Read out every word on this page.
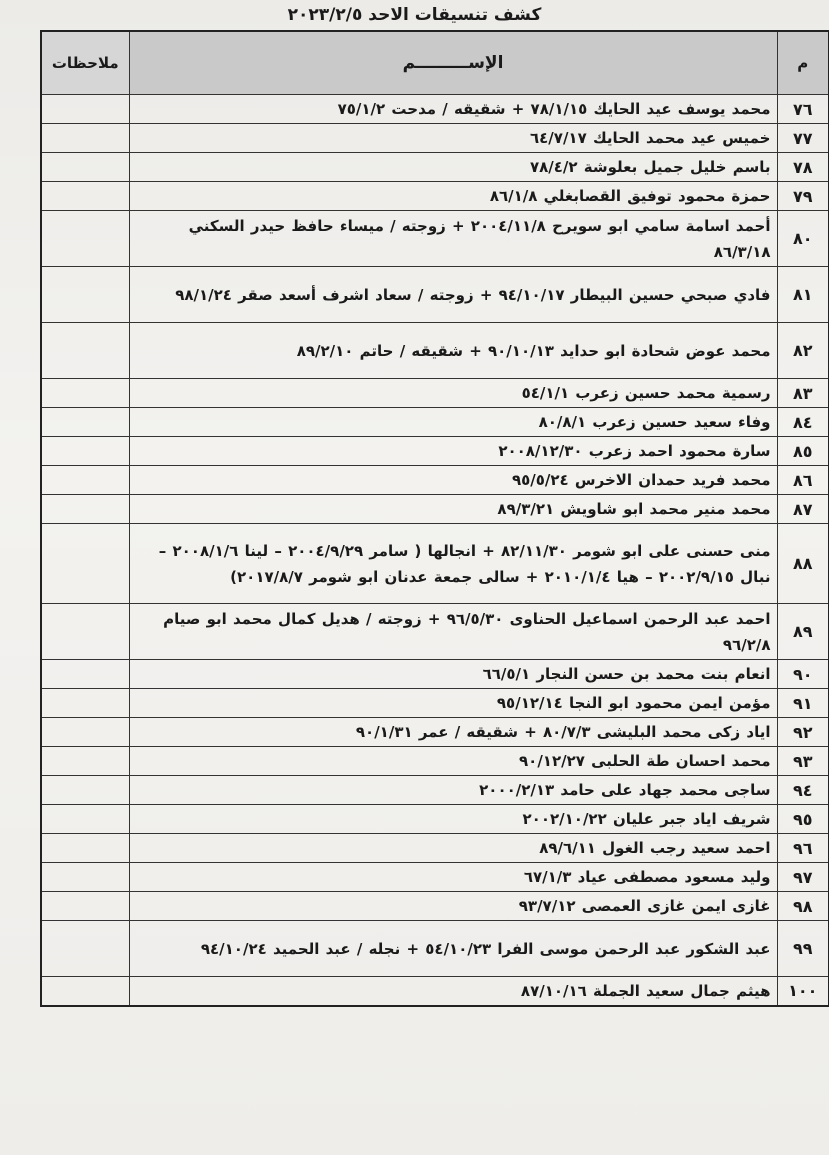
كشف تنسيقات الاحد ٢٠٢٣/٢/٥
م	الإســـــــــم	ملاحظات
٧٦	محمد يوسف عيد الحايك ٧٨/١/١٥ + شقيقه / مدحت ٧٥/١/٢	
٧٧	خميس عيد محمد الحايك ٦٤/٧/١٧	
٧٨	باسم خليل جميل بعلوشة ٧٨/٤/٢	
٧٩	حمزة محمود توفيق القصابغلي ٨٦/١/٨	
٨٠	أحمد اسامة سامي ابو سويرح ٢٠٠٤/١١/٨ + زوجته / ميساء حافظ حيدر السكني ٨٦/٣/١٨	
٨١	فادي صبحي حسين البيطار ٩٤/١٠/١٧ + زوجته / سعاد اشرف أسعد صقر ٩٨/١/٢٤	
٨٢	محمد عوض شحادة ابو حدايد ٩٠/١٠/١٣ + شقيقه / حاتم ٨٩/٢/١٠	
٨٣	رسمية محمد حسين زعرب ٥٤/١/١	
٨٤	وفاء سعيد حسين زعرب ٨٠/٨/١	
٨٥	سارة محمود احمد زعرب ٢٠٠٨/١٢/٣٠	
٨٦	محمد فريد حمدان الاخرس ٩٥/٥/٢٤	
٨٧	محمد منير محمد ابو شاويش ٨٩/٣/٢١	
٨٨	منى حسنى على ابو شومر ٨٢/١١/٣٠ + انجالها ( سامر ٢٠٠٤/٩/٢٩ – لينا ٢٠٠٨/١/٦ – نبال ٢٠٠٢/٩/١٥ – هيا ٢٠١٠/١/٤ + سالى جمعة عدنان ابو شومر ٢٠١٧/٨/٧)	
٨٩	احمد عبد الرحمن اسماعيل الحناوى ٩٦/٥/٣٠ + زوجته / هديل كمال محمد ابو صيام ٩٦/٢/٨	
٩٠	انعام بنت محمد بن حسن النجار ٦٦/٥/١	
٩١	مؤمن ايمن محمود ابو النجا ٩٥/١٢/١٤	
٩٢	اياد زكى محمد البليشى ٨٠/٧/٣ + شقيقه / عمر ٩٠/١/٣١	
٩٣	محمد احسان طة الحلبى ٩٠/١٢/٢٧	
٩٤	ساجى محمد جهاد على حامد ٢٠٠٠/٢/١٣	
٩٥	شريف اياد جبر عليان ٢٠٠٢/١٠/٢٢	
٩٦	احمد سعيد رجب الغول ٨٩/٦/١١	
٩٧	وليد مسعود مصطفى عياد ٦٧/١/٣	
٩٨	غازى ايمن غازى العمصى ٩٣/٧/١٢	
٩٩	عبد الشكور عبد الرحمن موسى الفرا ٥٤/١٠/٢٣ + نجله / عبد الحميد ٩٤/١٠/٢٤	
١٠٠	هيثم جمال سعيد الجملة ٨٧/١٠/١٦	
